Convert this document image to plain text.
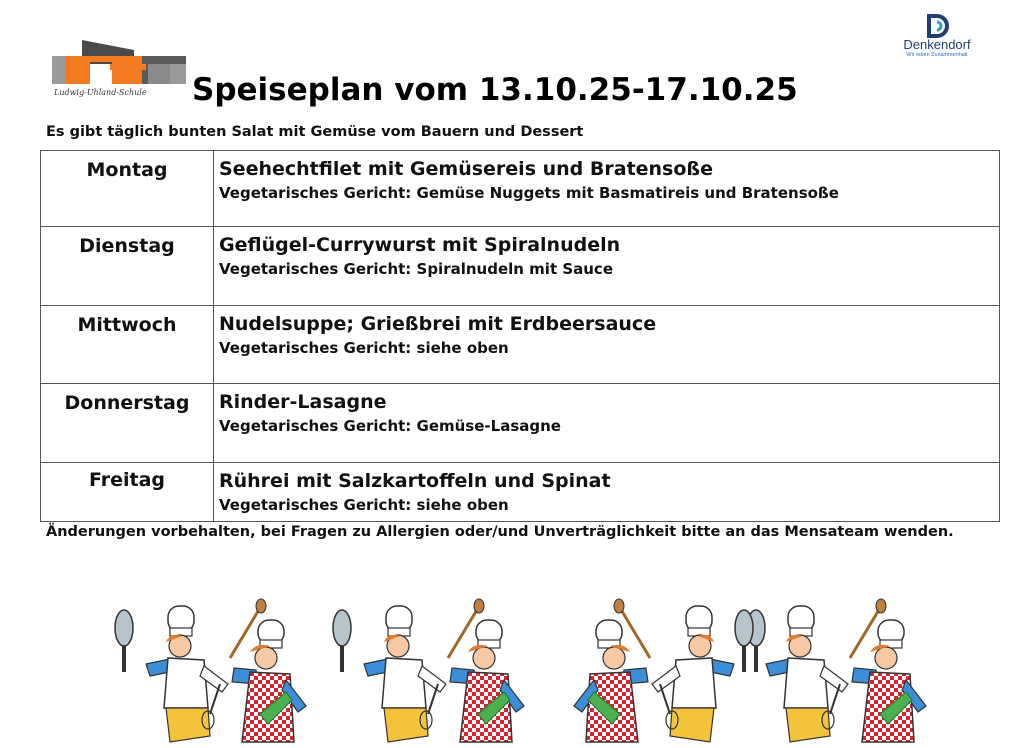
Ludwig-Uhland-Schule
Denkendorf
Wir leben Zusammenhalt
Speiseplan vom 13.10.25-17.10.25
Es gibt täglich bunten Salat mit Gemüse vom Bauern und Dessert
Montag	Seehechtfilet mit Gemüsereis und Bratensoße
Vegetarisches Gericht: Gemüse Nuggets mit Basmatireis und Bratensoße

Dienstag	Geflügel-Currywurst mit Spiralnudeln
Vegetarisches Gericht: Spiralnudeln mit Sauce

Mittwoch	Nudelsuppe; Grießbrei mit Erdbeersauce
Vegetarisches Gericht: siehe oben

Donnerstag	Rinder-Lasagne
Vegetarisches Gericht: Gemüse-Lasagne

Freitag	Rührei mit Salzkartoffeln und Spinat
Vegetarisches Gericht: siehe oben
Änderungen vorbehalten, bei Fragen zu Allergien oder/und Unverträglichkeit bitte an das Mensateam wenden.
